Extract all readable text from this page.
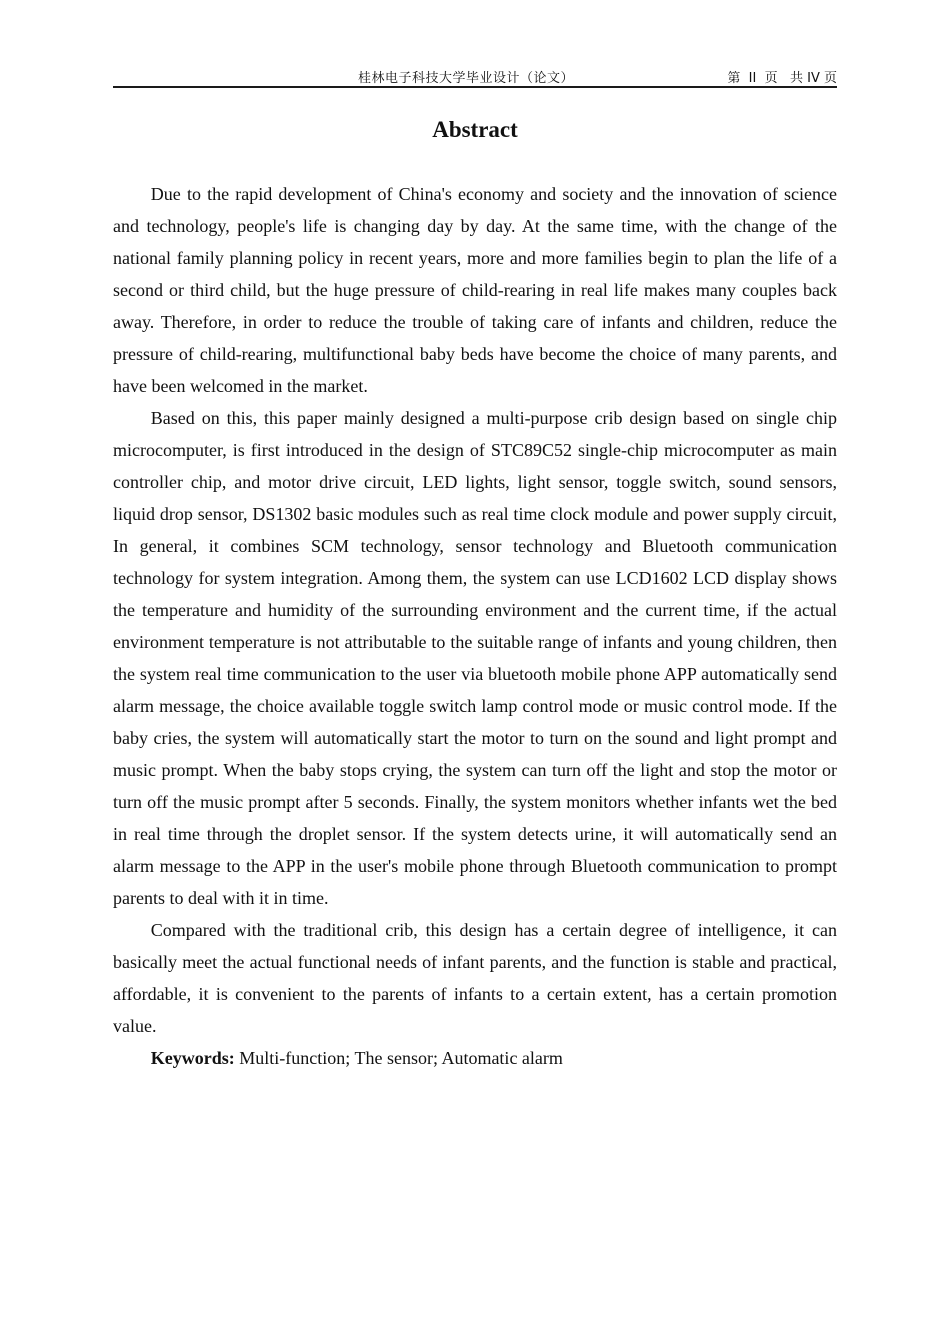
桂林电子科技大学毕业设计（论文）	第  II  页   共 IV 页
Abstract

Due to the rapid development of China's economy and society and the innovation of science and technology, people's life is changing day by day. At the same time, with the change of the national family planning policy in recent years, more and more families begin to plan the life of a second or third child, but the huge pressure of child-rearing in real life makes many couples back away. Therefore, in order to reduce the trouble of taking care of infants and children, reduce the pressure of child-rearing, multifunctional baby beds have become the choice of many parents, and have been welcomed in the market.

Based on this, this paper mainly designed a multi-purpose crib design based on single chip microcomputer, is first introduced in the design of STC89C52 single-chip microcomputer as main controller chip, and motor drive circuit, LED lights, light sensor, toggle switch, sound sensors, liquid drop sensor, DS1302 basic modules such as real time clock module and power supply circuit, In general, it combines SCM technology, sensor technology and Bluetooth communication technology for system integration. Among them, the system can use LCD1602 LCD display shows the temperature and humidity of the surrounding environment and the current time, if the actual environment temperature is not attributable to the suitable range of infants and young children, then the system real time communication to the user via bluetooth mobile phone APP automatically send alarm message, the choice available toggle switch lamp control mode or music control mode. If the baby cries, the system will automatically start the motor to turn on the sound and light prompt and music prompt. When the baby stops crying, the system can turn off the light and stop the motor or turn off the music prompt after 5 seconds. Finally, the system monitors whether infants wet the bed in real time through the droplet sensor. If the system detects urine, it will automatically send an alarm message to the APP in the user's mobile phone through Bluetooth communication to prompt parents to deal with it in time.

Compared with the traditional crib, this design has a certain degree of intelligence, it can basically meet the actual functional needs of infant parents, and the function is stable and practical, affordable, it is convenient to the parents of infants to a certain extent, has a certain promotion value.

Keywords: Multi-function; The sensor; Automatic alarm
